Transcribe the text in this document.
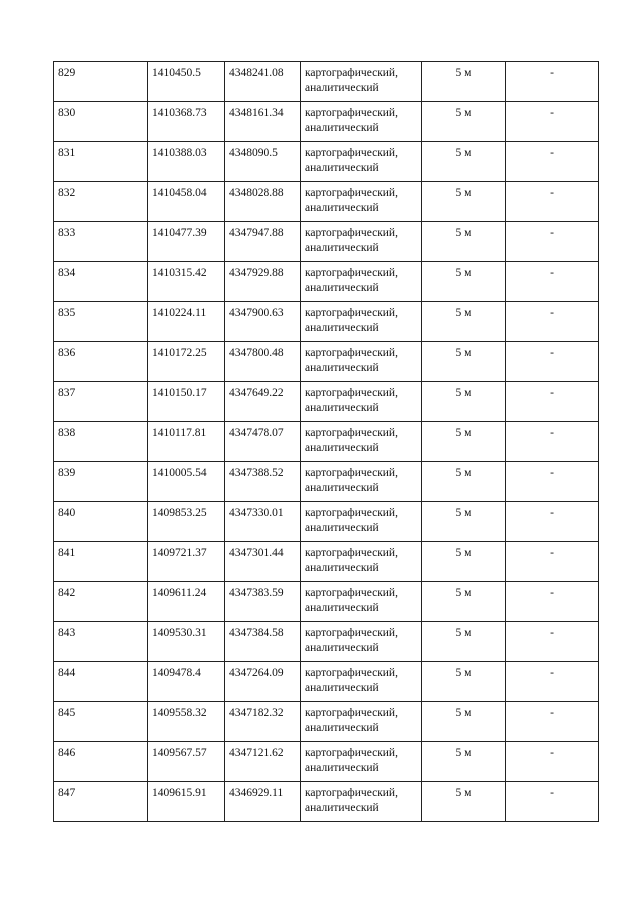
829	1410450.5	4348241.08	картографический, аналитический	5 м	-
830	1410368.73	4348161.34	картографический, аналитический	5 м	-
831	1410388.03	4348090.5	картографический, аналитический	5 м	-
832	1410458.04	4348028.88	картографический, аналитический	5 м	-
833	1410477.39	4347947.88	картографический, аналитический	5 м	-
834	1410315.42	4347929.88	картографический, аналитический	5 м	-
835	1410224.11	4347900.63	картографический, аналитический	5 м	-
836	1410172.25	4347800.48	картографический, аналитический	5 м	-
837	1410150.17	4347649.22	картографический, аналитический	5 м	-
838	1410117.81	4347478.07	картографический, аналитический	5 м	-
839	1410005.54	4347388.52	картографический, аналитический	5 м	-
840	1409853.25	4347330.01	картографический, аналитический	5 м	-
841	1409721.37	4347301.44	картографический, аналитический	5 м	-
842	1409611.24	4347383.59	картографический, аналитический	5 м	-
843	1409530.31	4347384.58	картографический, аналитический	5 м	-
844	1409478.4	4347264.09	картографический, аналитический	5 м	-
845	1409558.32	4347182.32	картографический, аналитический	5 м	-
846	1409567.57	4347121.62	картографический, аналитический	5 м	-
847	1409615.91	4346929.11	картографический, аналитический	5 м	-
